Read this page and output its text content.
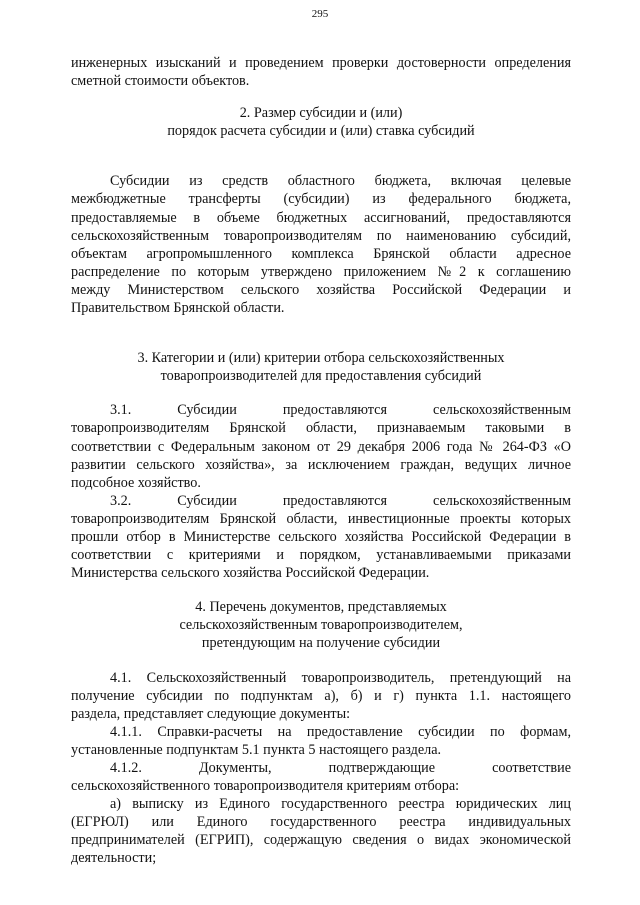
295

инженерных изысканий и проведением проверки достоверности определения

сметной стоимости объектов.

2. Размер субсидии и (или)
порядок расчета субсидии и (или) ставка субсидий

Субсидии из средств областного бюджета, включая целевые

межбюджетные трансферты (субсидии) из федерального бюджета,

предоставляемые в объеме бюджетных ассигнований, предоставляются

сельскохозяйственным товаропроизводителям по наименованию субсидий,

объектам агропромышленного комплекса Брянской области адресное

распределение по которым утверждено приложением №2 к соглашению

между Министерством сельского хозяйства Российской Федерации и

Правительством Брянской области.

3. Категории и (или) критерии отбора сельскохозяйственных
товаропроизводителей для предоставления субсидий

3.1. Субсидии предоставляются сельскохозяйственным

товаропроизводителям Брянской области, признаваемым таковыми в

соответствии с Федеральным законом от 29 декабря 2006 года № 264-ФЗ «О

развитии сельского хозяйства», за исключением граждан, ведущих личное

подсобное хозяйство.

3.2. Субсидии предоставляются сельскохозяйственным

товаропроизводителям Брянской области, инвестиционные проекты которых

прошли отбор в Министерстве сельского хозяйства Российской Федерации в

соответствии с критериями и порядком, устанавливаемыми приказами

Министерства сельского хозяйства Российской Федерации.

4. Перечень документов, представляемых
сельскохозяйственным товаропроизводителем,
претендующим на получение субсидии

4.1. Сельскохозяйственный товаропроизводитель, претендующий на

получение субсидии по подпунктам а), б) и г) пункта 1.1. настоящего

раздела, представляет следующие документы:

4.1.1. Справки-расчеты на предоставление субсидии по формам,

установленные подпунктам 5.1 пункта 5 настоящего раздела.

4.1.2. Документы, подтверждающие соответствие

сельскохозяйственного товаропроизводителя критериям отбора:

а) выписку из Единого государственного реестра юридических лиц

(ЕГРЮЛ) или Единого государственного реестра индивидуальных

предпринимателей (ЕГРИП), содержащую сведения о видах экономической

деятельности;
